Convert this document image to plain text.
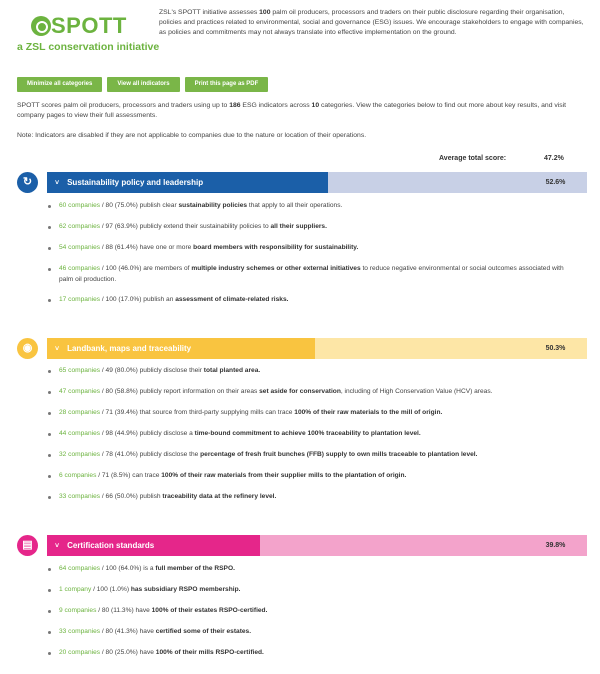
SPOTT
a ZSL conservation initiative
ZSL's SPOTT initiative assesses 100 palm oil producers, processors and traders on their public disclosure regarding their organisation, policies and practices related to environmental, social and governance (ESG) issues. We encourage stakeholders to engage with companies, as policies and commitments may not always translate into effective implementation on the ground.
Minimize all categories	View all indicators	Print this page as PDF
SPOTT scores palm oil producers, processors and traders using up to 186 ESG indicators across 10 categories. View the categories below to find out more about key results, and visit company pages to view their full assessments.
Note: Indicators are disabled if they are not applicable to companies due to the nature or location of their operations.
Average total score:	47.2%
↻	˅ Sustainability policy and leadership	52.6%
60 companies / 80 (75.0%) publish clear sustainability policies that apply to all their operations.
62 companies / 97 (63.9%) publicly extend their sustainability policies to all their suppliers.
54 companies / 88 (61.4%) have one or more board members with responsibility for sustainability.
46 companies / 100 (46.0%) are members of multiple industry schemes or other external initiatives to reduce negative environmental or social outcomes associated with palm oil production.
17 companies / 100 (17.0%) publish an assessment of climate-related risks.
◉	˅ Landbank, maps and traceability	50.3%
65 companies / 49 (80.0%) publicly disclose their total planted area.
47 companies / 80 (58.8%) publicly report information on their areas set aside for conservation, including of High Conservation Value (HCV) areas.
28 companies / 71 (39.4%) that source from third-party supplying mills can trace 100% of their raw materials to the mill of origin.
44 companies / 98 (44.9%) publicly disclose a time-bound commitment to achieve 100% traceability to plantation level.
32 companies / 78 (41.0%) publicly disclose the percentage of fresh fruit bunches (FFB) supply to own mills traceable to plantation level.
6 companies / 71 (8.5%) can trace 100% of their raw materials from their supplier mills to the plantation of origin.
33 companies / 66 (50.0%) publish traceability data at the refinery level.
▤	˅ Certification standards	39.8%
64 companies / 100 (64.0%) is a full member of the RSPO.
1 company / 100 (1.0%) has subsidiary RSPO membership.
9 companies / 80 (11.3%) have 100% of their estates RSPO-certified.
33 companies / 80 (41.3%) have certified some of their estates.
20 companies / 80 (25.0%) have 100% of their mills RSPO-certified.
